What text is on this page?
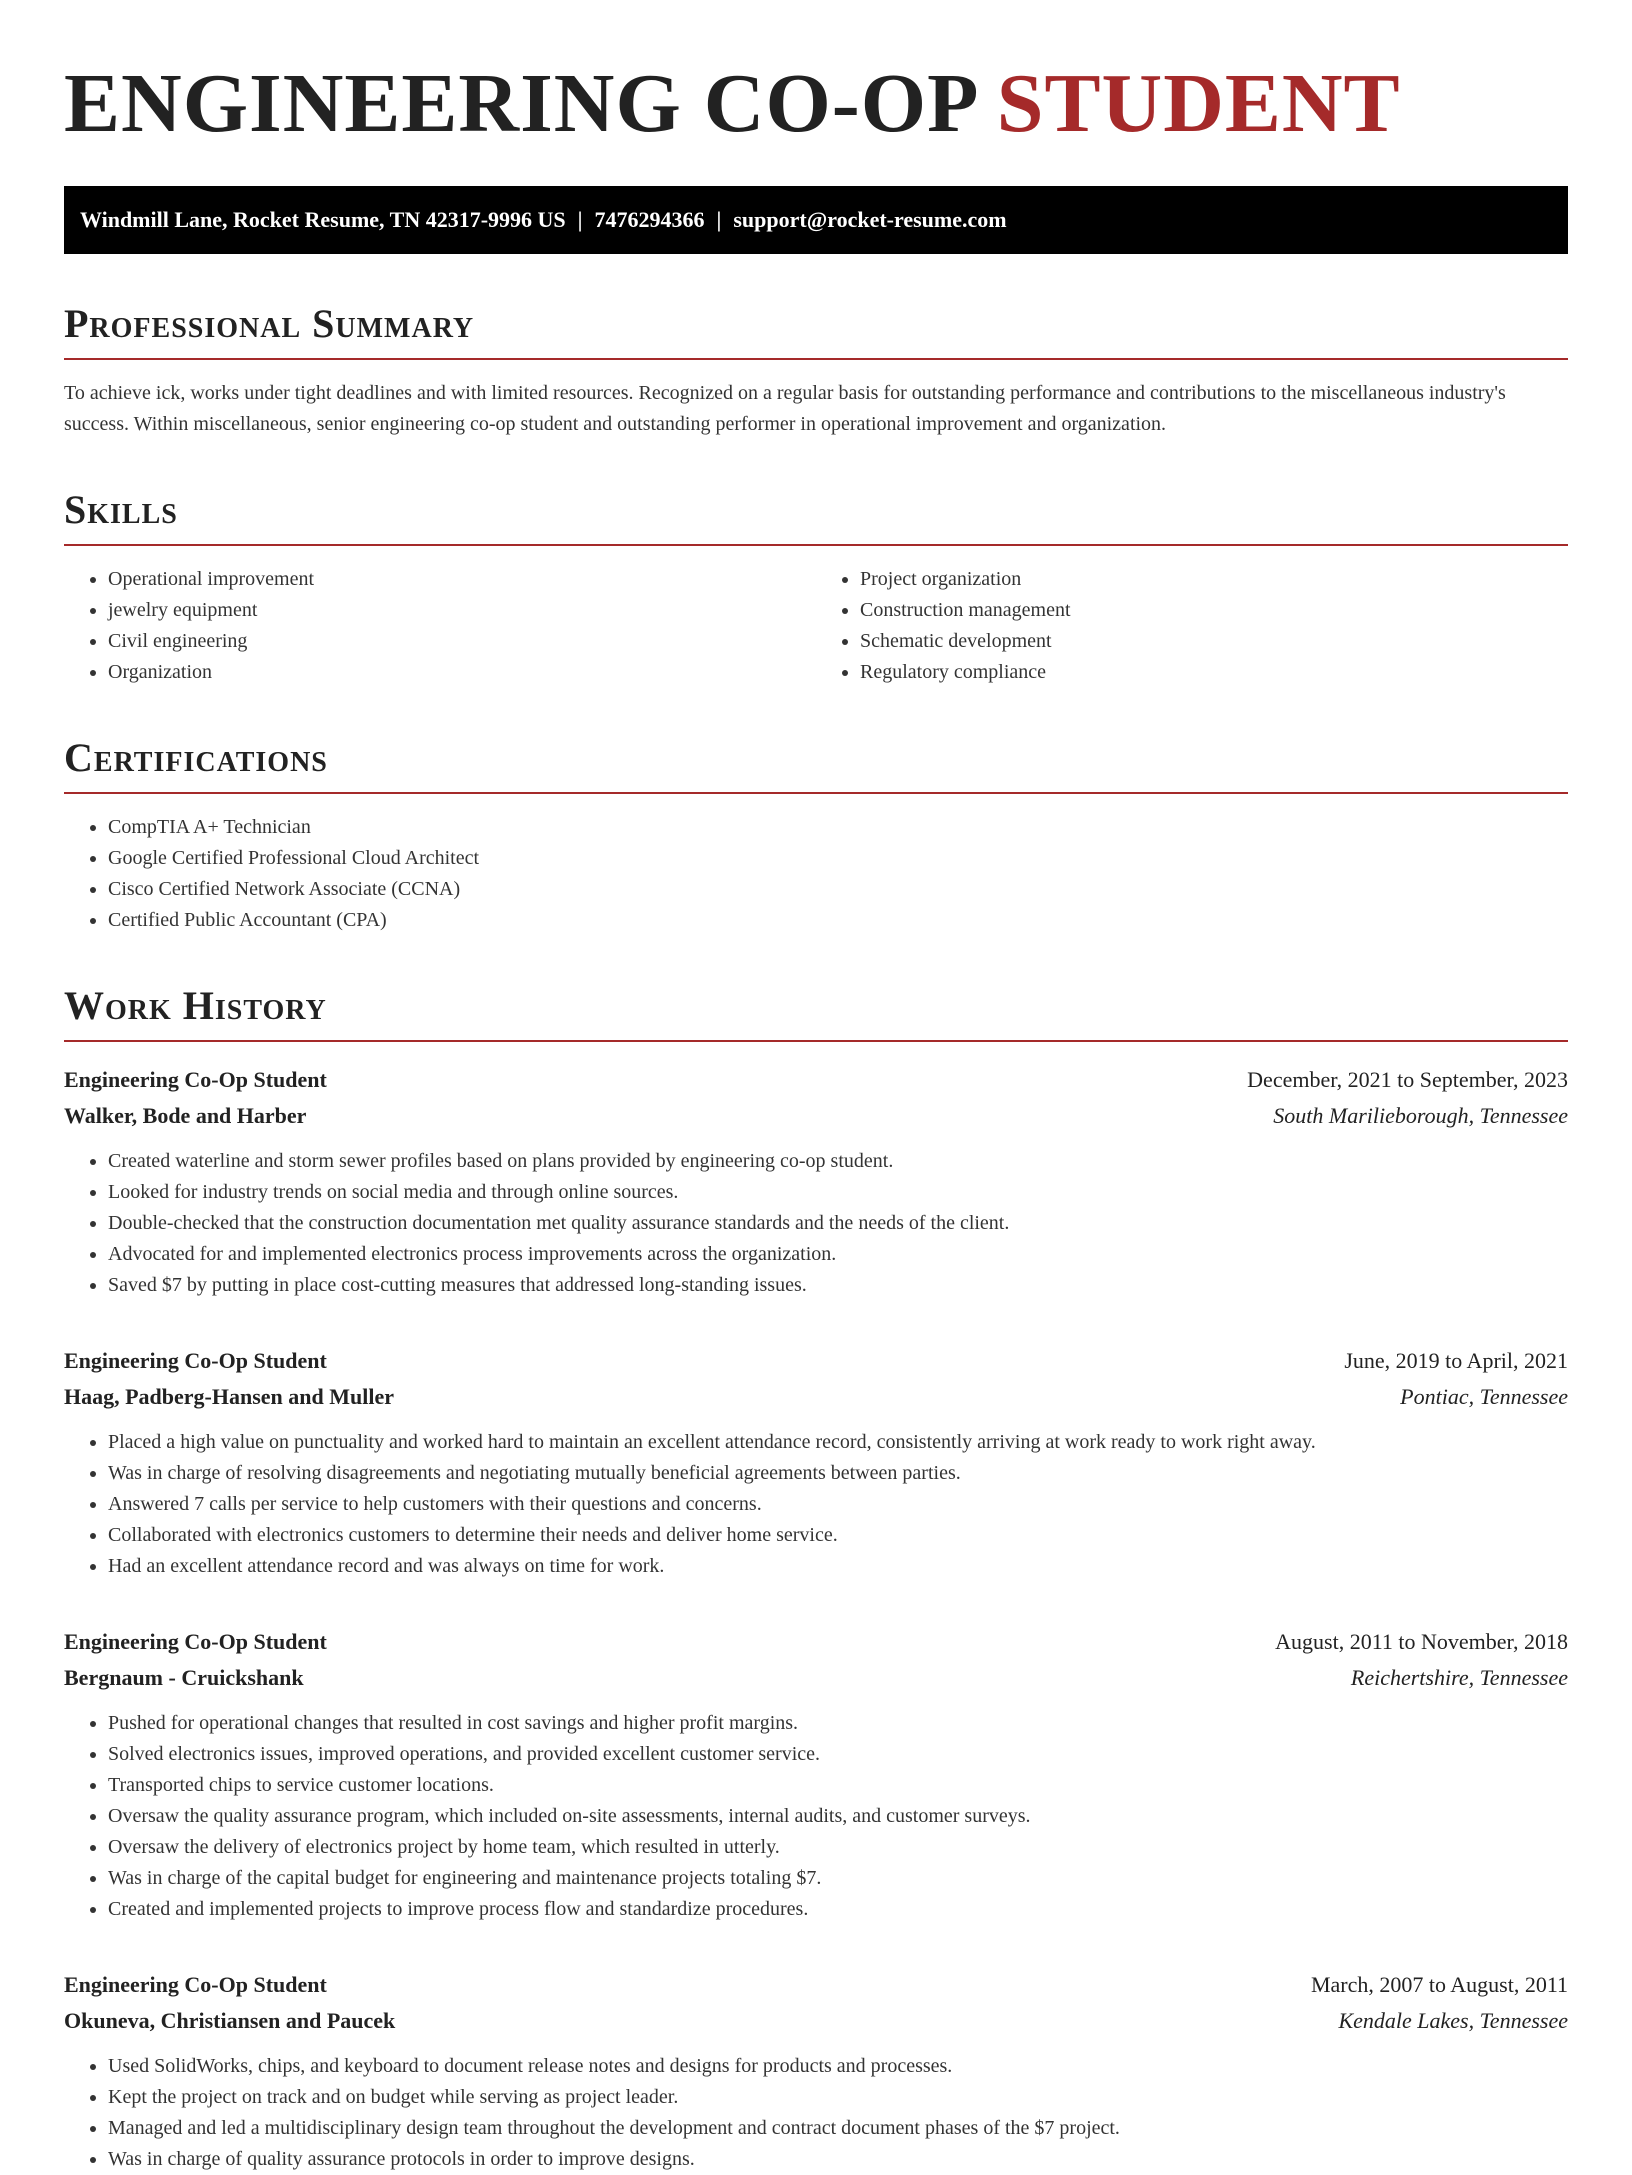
ENGINEERING CO-OP STUDENT
Windmill Lane, Rocket Resume, TN 42317-9996 US | 7476294366 | support@rocket-resume.com
Professional Summary

To achieve ick, works under tight deadlines and with limited resources. Recognized on a regular basis for outstanding performance and contributions to the miscellaneous industry's success. Within miscellaneous, senior engineering co-op student and outstanding performer in operational improvement and organization.

Skills
• Operational improvement
• jewelry equipment
• Civil engineering
• Organization
• Project organization
• Construction management
• Schematic development
• Regulatory compliance
Certifications
• CompTIA A+ Technician
• Google Certified Professional Cloud Architect
• Cisco Certified Network Associate (CCNA)
• Certified Public Accountant (CPA)
Work History
Engineering Co-Op Student	December, 2021 to September, 2023
Walker, Bode and Harber	South Marilieborough, Tennessee
• Created waterline and storm sewer profiles based on plans provided by engineering co-op student.
• Looked for industry trends on social media and through online sources.
• Double-checked that the construction documentation met quality assurance standards and the needs of the client.
• Advocated for and implemented electronics process improvements across the organization.
• Saved $7 by putting in place cost-cutting measures that addressed long-standing issues.
Engineering Co-Op Student	June, 2019 to April, 2021
Haag, Padberg-Hansen and Muller	Pontiac, Tennessee
• Placed a high value on punctuality and worked hard to maintain an excellent attendance record, consistently arriving at work ready to work right away.
• Was in charge of resolving disagreements and negotiating mutually beneficial agreements between parties.
• Answered 7 calls per service to help customers with their questions and concerns.
• Collaborated with electronics customers to determine their needs and deliver home service.
• Had an excellent attendance record and was always on time for work.
Engineering Co-Op Student	August, 2011 to November, 2018
Bergnaum - Cruickshank	Reichertshire, Tennessee
• Pushed for operational changes that resulted in cost savings and higher profit margins.
• Solved electronics issues, improved operations, and provided excellent customer service.
• Transported chips to service customer locations.
• Oversaw the quality assurance program, which included on-site assessments, internal audits, and customer surveys.
• Oversaw the delivery of electronics project by home team, which resulted in utterly.
• Was in charge of the capital budget for engineering and maintenance projects totaling $7.
• Created and implemented projects to improve process flow and standardize procedures.
Engineering Co-Op Student	March, 2007 to August, 2011
Okuneva, Christiansen and Paucek	Kendale Lakes, Tennessee
• Used SolidWorks, chips, and keyboard to document release notes and designs for products and processes.
• Kept the project on track and on budget while serving as project leader.
• Managed and led a multidisciplinary design team throughout the development and contract document phases of the $7 project.
• Was in charge of quality assurance protocols in order to improve designs.
